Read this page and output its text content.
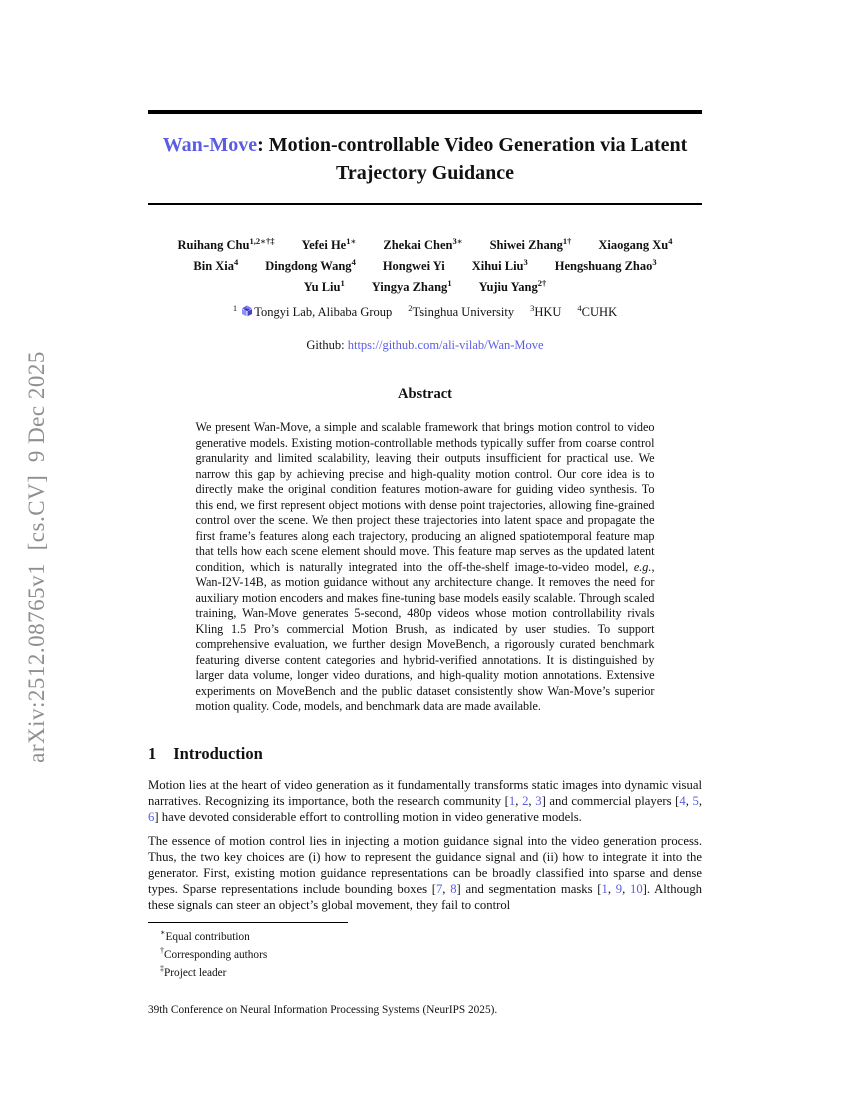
arXiv:2512.08765v1  [cs.CV]  9 Dec 2025
Wan-Move: Motion-controllable Video Generation via Latent Trajectory Guidance
Ruihang Chu$^{1,2∗\dagger\ddagger}$ Yefei $He^{1∗}$ Zhekai Chen$^{3∗}$ Shiwei Zhang$^{1\dagger}$ Xiaogang Xu$^4$
Bin Xia$^4$ Dingdong Wang$^4$ Hongwei Yi Xihui Liu$^3$ Hengshuang Zhao$^3$
Yu Liu$^1$ Yingya Zhang$^1$ Yujiu Yang$^{2\dagger}$
$^1$ Tongyi Lab, Alibaba Group $^2$Tsinghua University $^3$HKU $^4$CUHK
Github: https://github.com/ali-vilab/Wan-Move
Abstract

We present Wan-Move, a simple and scalable framework that brings motion control to video generative models. Existing motion-controllable methods typically suffer from coarse control granularity and limited scalability, leaving their outputs insufficient for practical use. We narrow this gap by achieving precise and high-quality motion control. Our core idea is to directly make the original condition features motion-aware for guiding video synthesis. To this end, we first represent object motions with dense point trajectories, allowing fine-grained control over the scene. We then project these trajectories into latent space and propagate the first frame’s features along each trajectory, producing an aligned spatiotemporal feature map that tells how each scene element should move. This feature map serves as the updated latent condition, which is naturally integrated into the off-the-shelf image-to-video model, e.g., Wan-I2V-14B, as motion guidance without any architecture change. It removes the need for auxiliary motion encoders and makes fine-tuning base models easily scalable. Through scaled training, Wan-Move generates 5-second, 480p videos whose motion controllability rivals Kling 1.5 Pro’s commercial Motion Brush, as indicated by user studies. To support comprehensive evaluation, we further design MoveBench, a rigorously curated benchmark featuring diverse content categories and hybrid-verified annotations. It is distinguished by larger data volume, longer video durations, and high-quality motion annotations. Extensive experiments on MoveBench and the public dataset consistently show Wan-Move’s superior motion quality. Code, models, and benchmark data are made available.

1 Introduction

Motion lies at the heart of video generation as it fundamentally transforms static images into dynamic visual narratives. Recognizing its importance, both the research community [1, 2, 3] and commercial players [4, 5, 6] have devoted considerable effort to controlling motion in video generative models.

The essence of motion control lies in injecting a motion guidance signal into the video generation process. Thus, the two key choices are (i) how to represent the guidance signal and (ii) how to integrate it into the generator. First, existing motion guidance representations can be broadly classified into sparse and dense types. Sparse representations include bounding boxes [7, 8] and segmentation masks [1, 9, 10]. Although these signals can steer an object’s global movement, they fail to control

∗Equal contribution
†Corresponding authors
‡Project leader
39th Conference on Neural Information Processing Systems (NeurIPS 2025).
